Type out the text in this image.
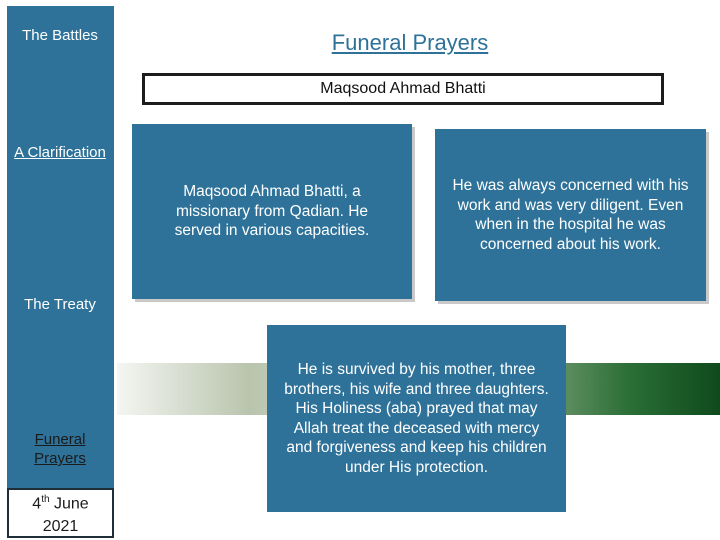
The Battles
A Clarification
The Treaty
Funeral Prayers
4th June
2021
Funeral Prayers
Maqsood Ahmad Bhatti
Maqsood Ahmad Bhatti, a missionary from Qadian. He served in various capacities.
He was always concerned with his work and was very diligent. Even when in the hospital he was concerned about his work.
He is survived by his mother, three brothers, his wife and three daughters. His Holiness (aba) prayed that may Allah treat the deceased with mercy and forgiveness and keep his children under His protection.
